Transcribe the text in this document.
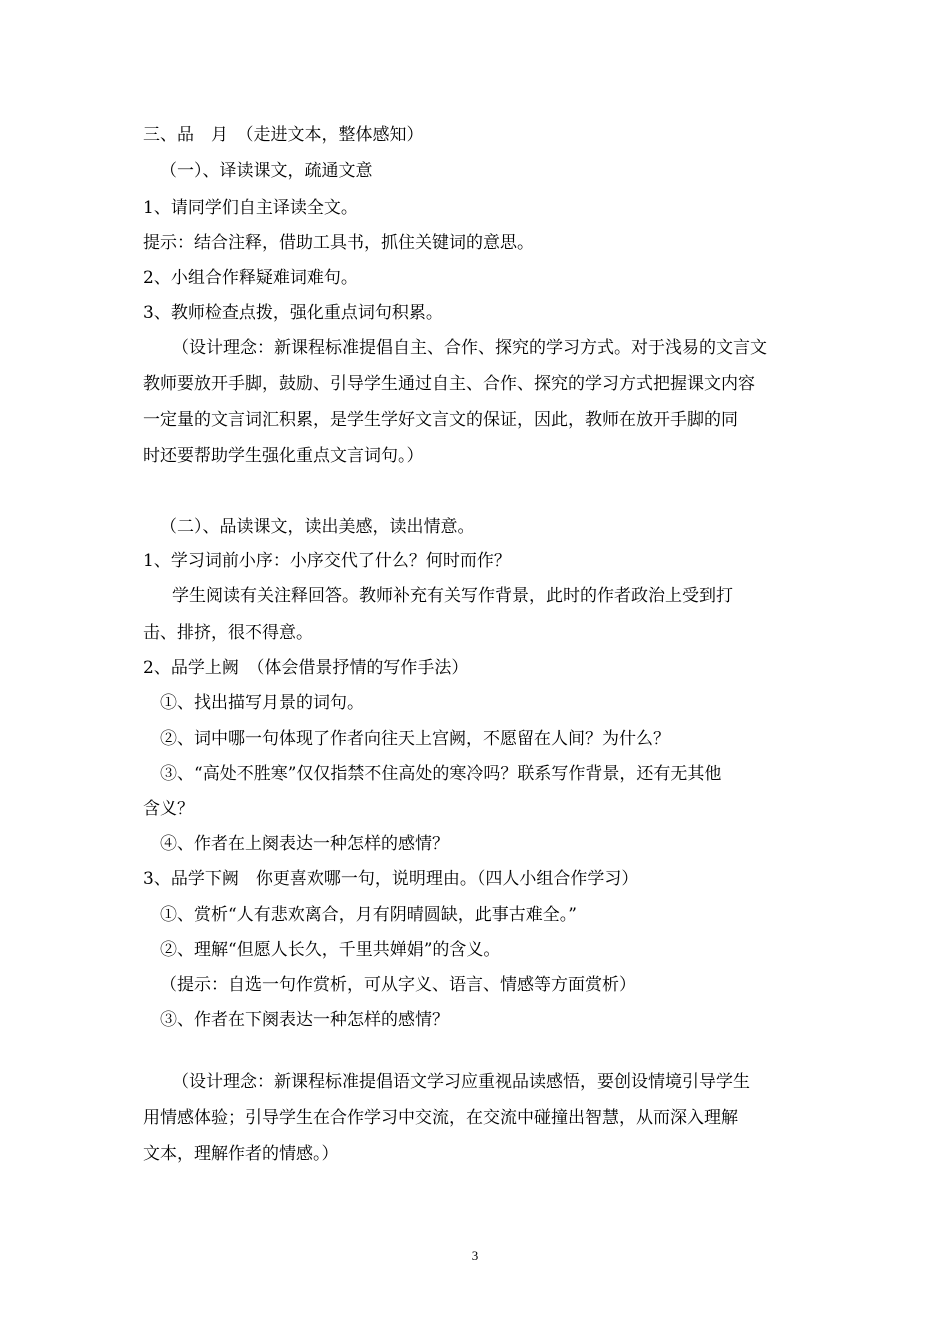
三、品　月　（走进文本，整体感知）
（一）、译读课文，疏通文意
1、请同学们自主译读全文。
提示：结合注释，借助工具书，抓住关键词的意思。
2、小组合作释疑难词难句。
3、教师检查点拨，强化重点词句积累。
（设计理念：新课程标准提倡自主、合作、探究的学习方式。对于浅易的文言文
教师要放开手脚，鼓励、引导学生通过自主、合作、探究的学习方式把握课文内容
一定量的文言词汇积累，是学生学好文言文的保证，因此，教师在放开手脚的同
时还要帮助学生强化重点文言词句。）
（二）、品读课文，读出美感，读出情意。
1、学习词前小序：小序交代了什么？何时而作？
学生阅读有关注释回答。教师补充有关写作背景，此时的作者政治上受到打
击、排挤，很不得意。
2、品学上阙　（体会借景抒情的写作手法）
①、找出描写月景的词句。
②、词中哪一句体现了作者向往天上宫阙，不愿留在人间？为什么？
③、“高处不胜寒”仅仅指禁不住高处的寒冷吗？联系写作背景，还有无其他
含义？
④、作者在上阕表达一种怎样的感情？
3、品学下阙　你更喜欢哪一句，说明理由。（四人小组合作学习）
①、赏析“人有悲欢离合，月有阴晴圆缺，此事古难全。”
②、理解“但愿人长久，千里共婵娟”的含义。
（提示：自选一句作赏析，可从字义、语言、情感等方面赏析）
③、作者在下阕表达一种怎样的感情？
（设计理念：新课程标准提倡语文学习应重视品读感悟，要创设情境引导学生
用情感体验；引导学生在合作学习中交流，在交流中碰撞出智慧，从而深入理解
文本，理解作者的情感。）
3
